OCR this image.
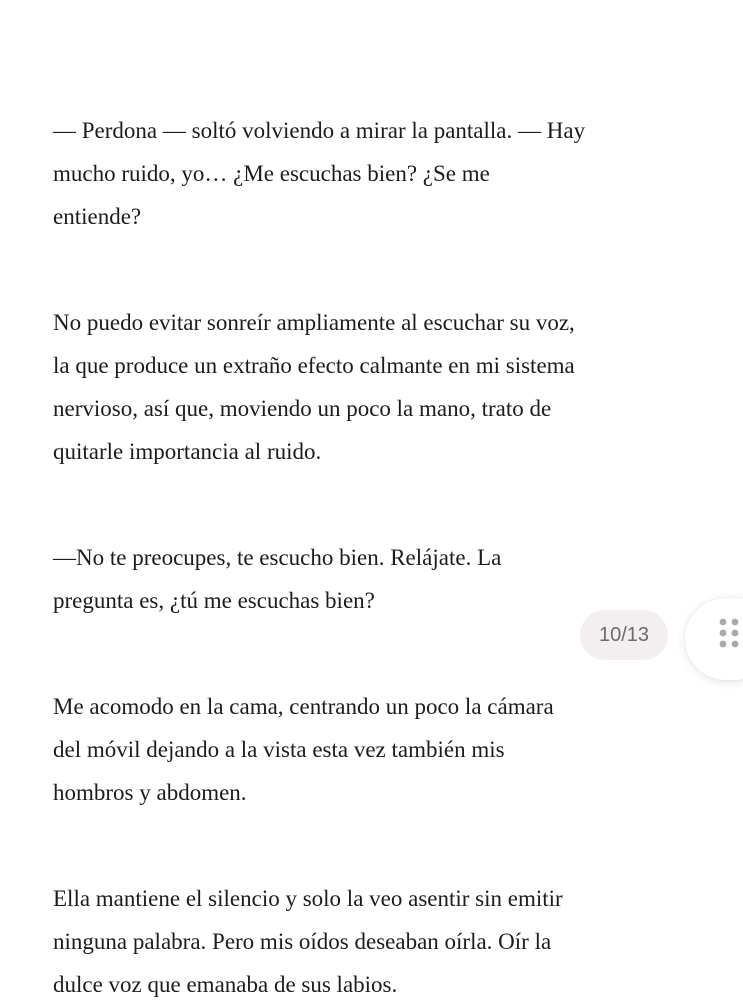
— Perdona — soltó volviendo a mirar la pantalla. — Hay
mucho ruido, yo… ¿Me escuchas bien? ¿Se me
entiende?

No puedo evitar sonreír ampliamente al escuchar su voz,
la que produce un extraño efecto calmante en mi sistema
nervioso, así que, moviendo un poco la mano, trato de
quitarle importancia al ruido.

—No te preocupes, te escucho bien. Relájate. La
pregunta es, ¿tú me escuchas bien?

Me acomodo en la cama, centrando un poco la cámara
del móvil dejando a la vista esta vez también mis
hombros y abdomen.

Ella mantiene el silencio y solo la veo asentir sin emitir
ninguna palabra. Pero mis oídos deseaban oírla. Oír la
dulce voz que emanaba de sus labios.

10/13
